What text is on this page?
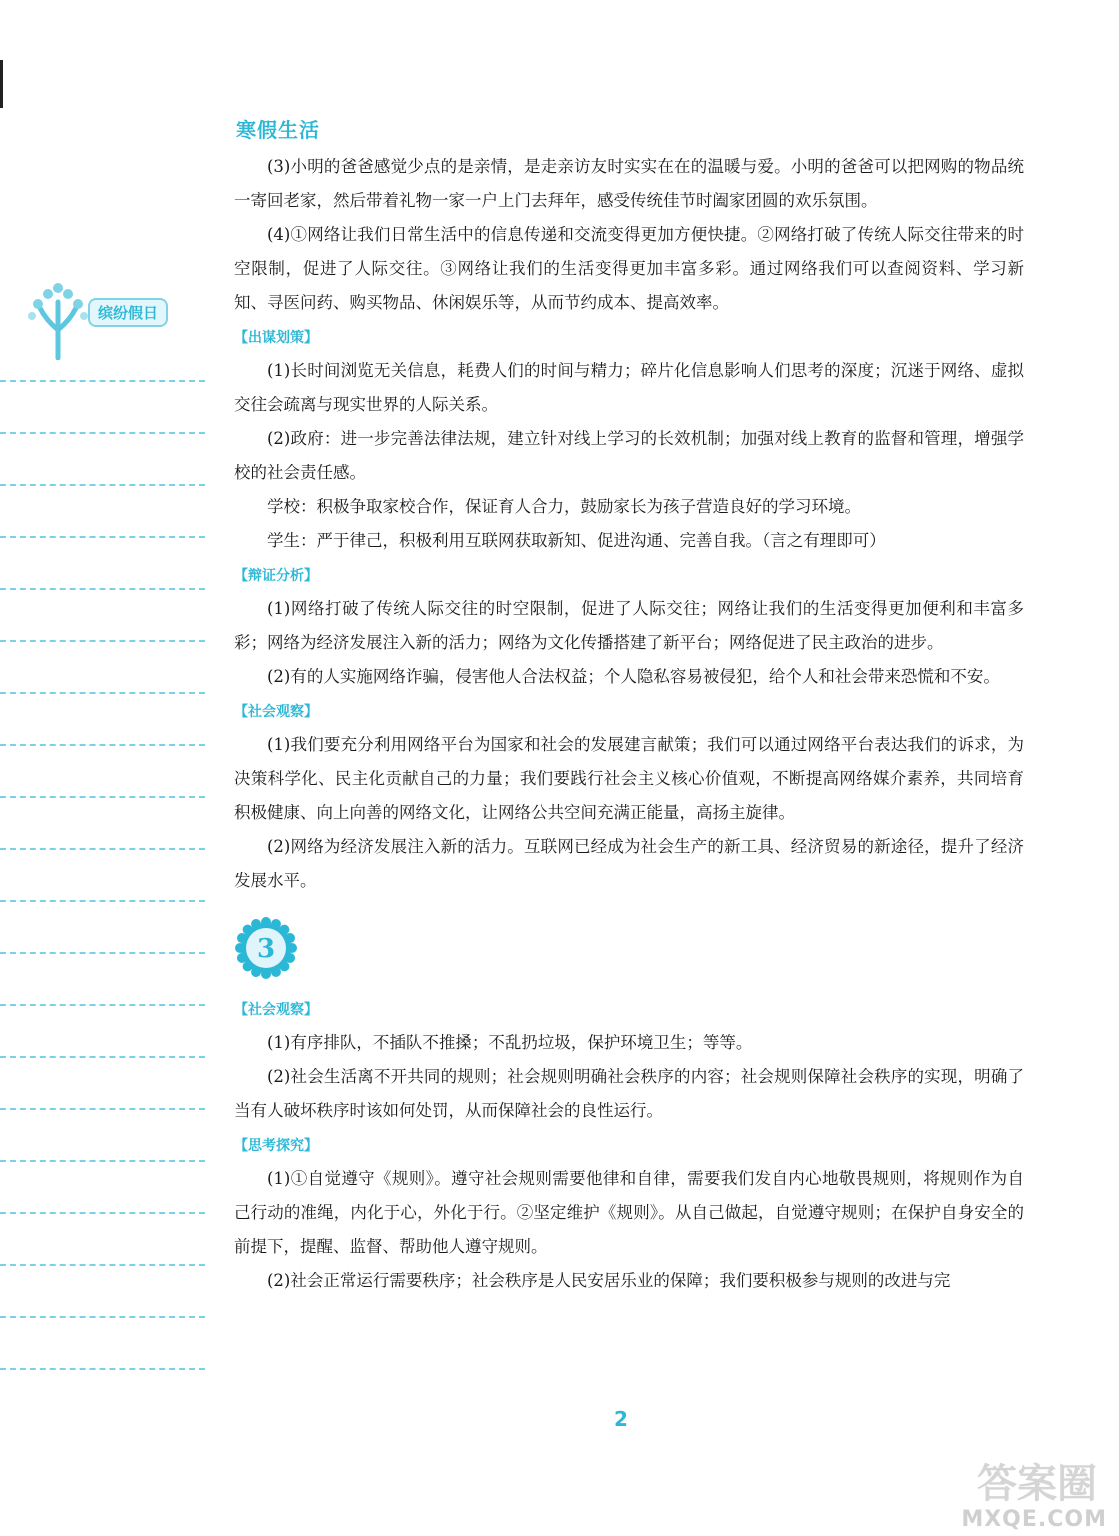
寒假生活
缤纷假日

(3)小明的爸爸感觉少点的是亲情，是走亲访友时实实在在的温暖与爱。小明的爸爸可以把网购的物品统一寄回老家，然后带着礼物一家一户上门去拜年，感受传统佳节时阖家团圆的欢乐氛围。

(4)①网络让我们日常生活中的信息传递和交流变得更加方便快捷。②网络打破了传统人际交往带来的时空限制，促进了人际交往。③网络让我们的生活变得更加丰富多彩。通过网络我们可以查阅资料、学习新知、寻医问药、购买物品、休闲娱乐等，从而节约成本、提高效率。

【出谋划策】

(1)长时间浏览无关信息，耗费人们的时间与精力；碎片化信息影响人们思考的深度；沉迷于网络、虚拟交往会疏离与现实世界的人际关系。

(2)政府：进一步完善法律法规，建立针对线上学习的长效机制；加强对线上教育的监督和管理，增强学校的社会责任感。

学校：积极争取家校合作，保证育人合力，鼓励家长为孩子营造良好的学习环境。

学生：严于律己，积极利用互联网获取新知、促进沟通、完善自我。（言之有理即可）

【辩证分析】

(1)网络打破了传统人际交往的时空限制，促进了人际交往；网络让我们的生活变得更加便利和丰富多彩；网络为经济发展注入新的活力；网络为文化传播搭建了新平台；网络促进了民主政治的进步。

(2)有的人实施网络诈骗，侵害他人合法权益；个人隐私容易被侵犯，给个人和社会带来恐慌和不安。

【社会观察】

(1)我们要充分利用网络平台为国家和社会的发展建言献策；我们可以通过网络平台表达我们的诉求，为决策科学化、民主化贡献自己的力量；我们要践行社会主义核心价值观，不断提高网络媒介素养，共同培育积极健康、向上向善的网络文化，让网络公共空间充满正能量，高扬主旋律。

(2)网络为经济发展注入新的活力。互联网已经成为社会生产的新工具、经济贸易的新途径，提升了经济发展水平。

3
【社会观察】

(1)有序排队，不插队不推搡；不乱扔垃圾，保护环境卫生；等等。

(2)社会生活离不开共同的规则；社会规则明确社会秩序的内容；社会规则保障社会秩序的实现，明确了当有人破坏秩序时该如何处罚，从而保障社会的良性运行。

【思考探究】

(1)①自觉遵守《规则》。遵守社会规则需要他律和自律，需要我们发自内心地敬畏规则，将规则作为自己行动的准绳，内化于心，外化于行。②坚定维护《规则》。从自己做起，自觉遵守规则；在保护自身安全的前提下，提醒、监督、帮助他人遵守规则。

(2)社会正常运行需要秩序；社会秩序是人民安居乐业的保障；我们要积极参与规则的改进与完

2
答案圈
MXQE.COM
